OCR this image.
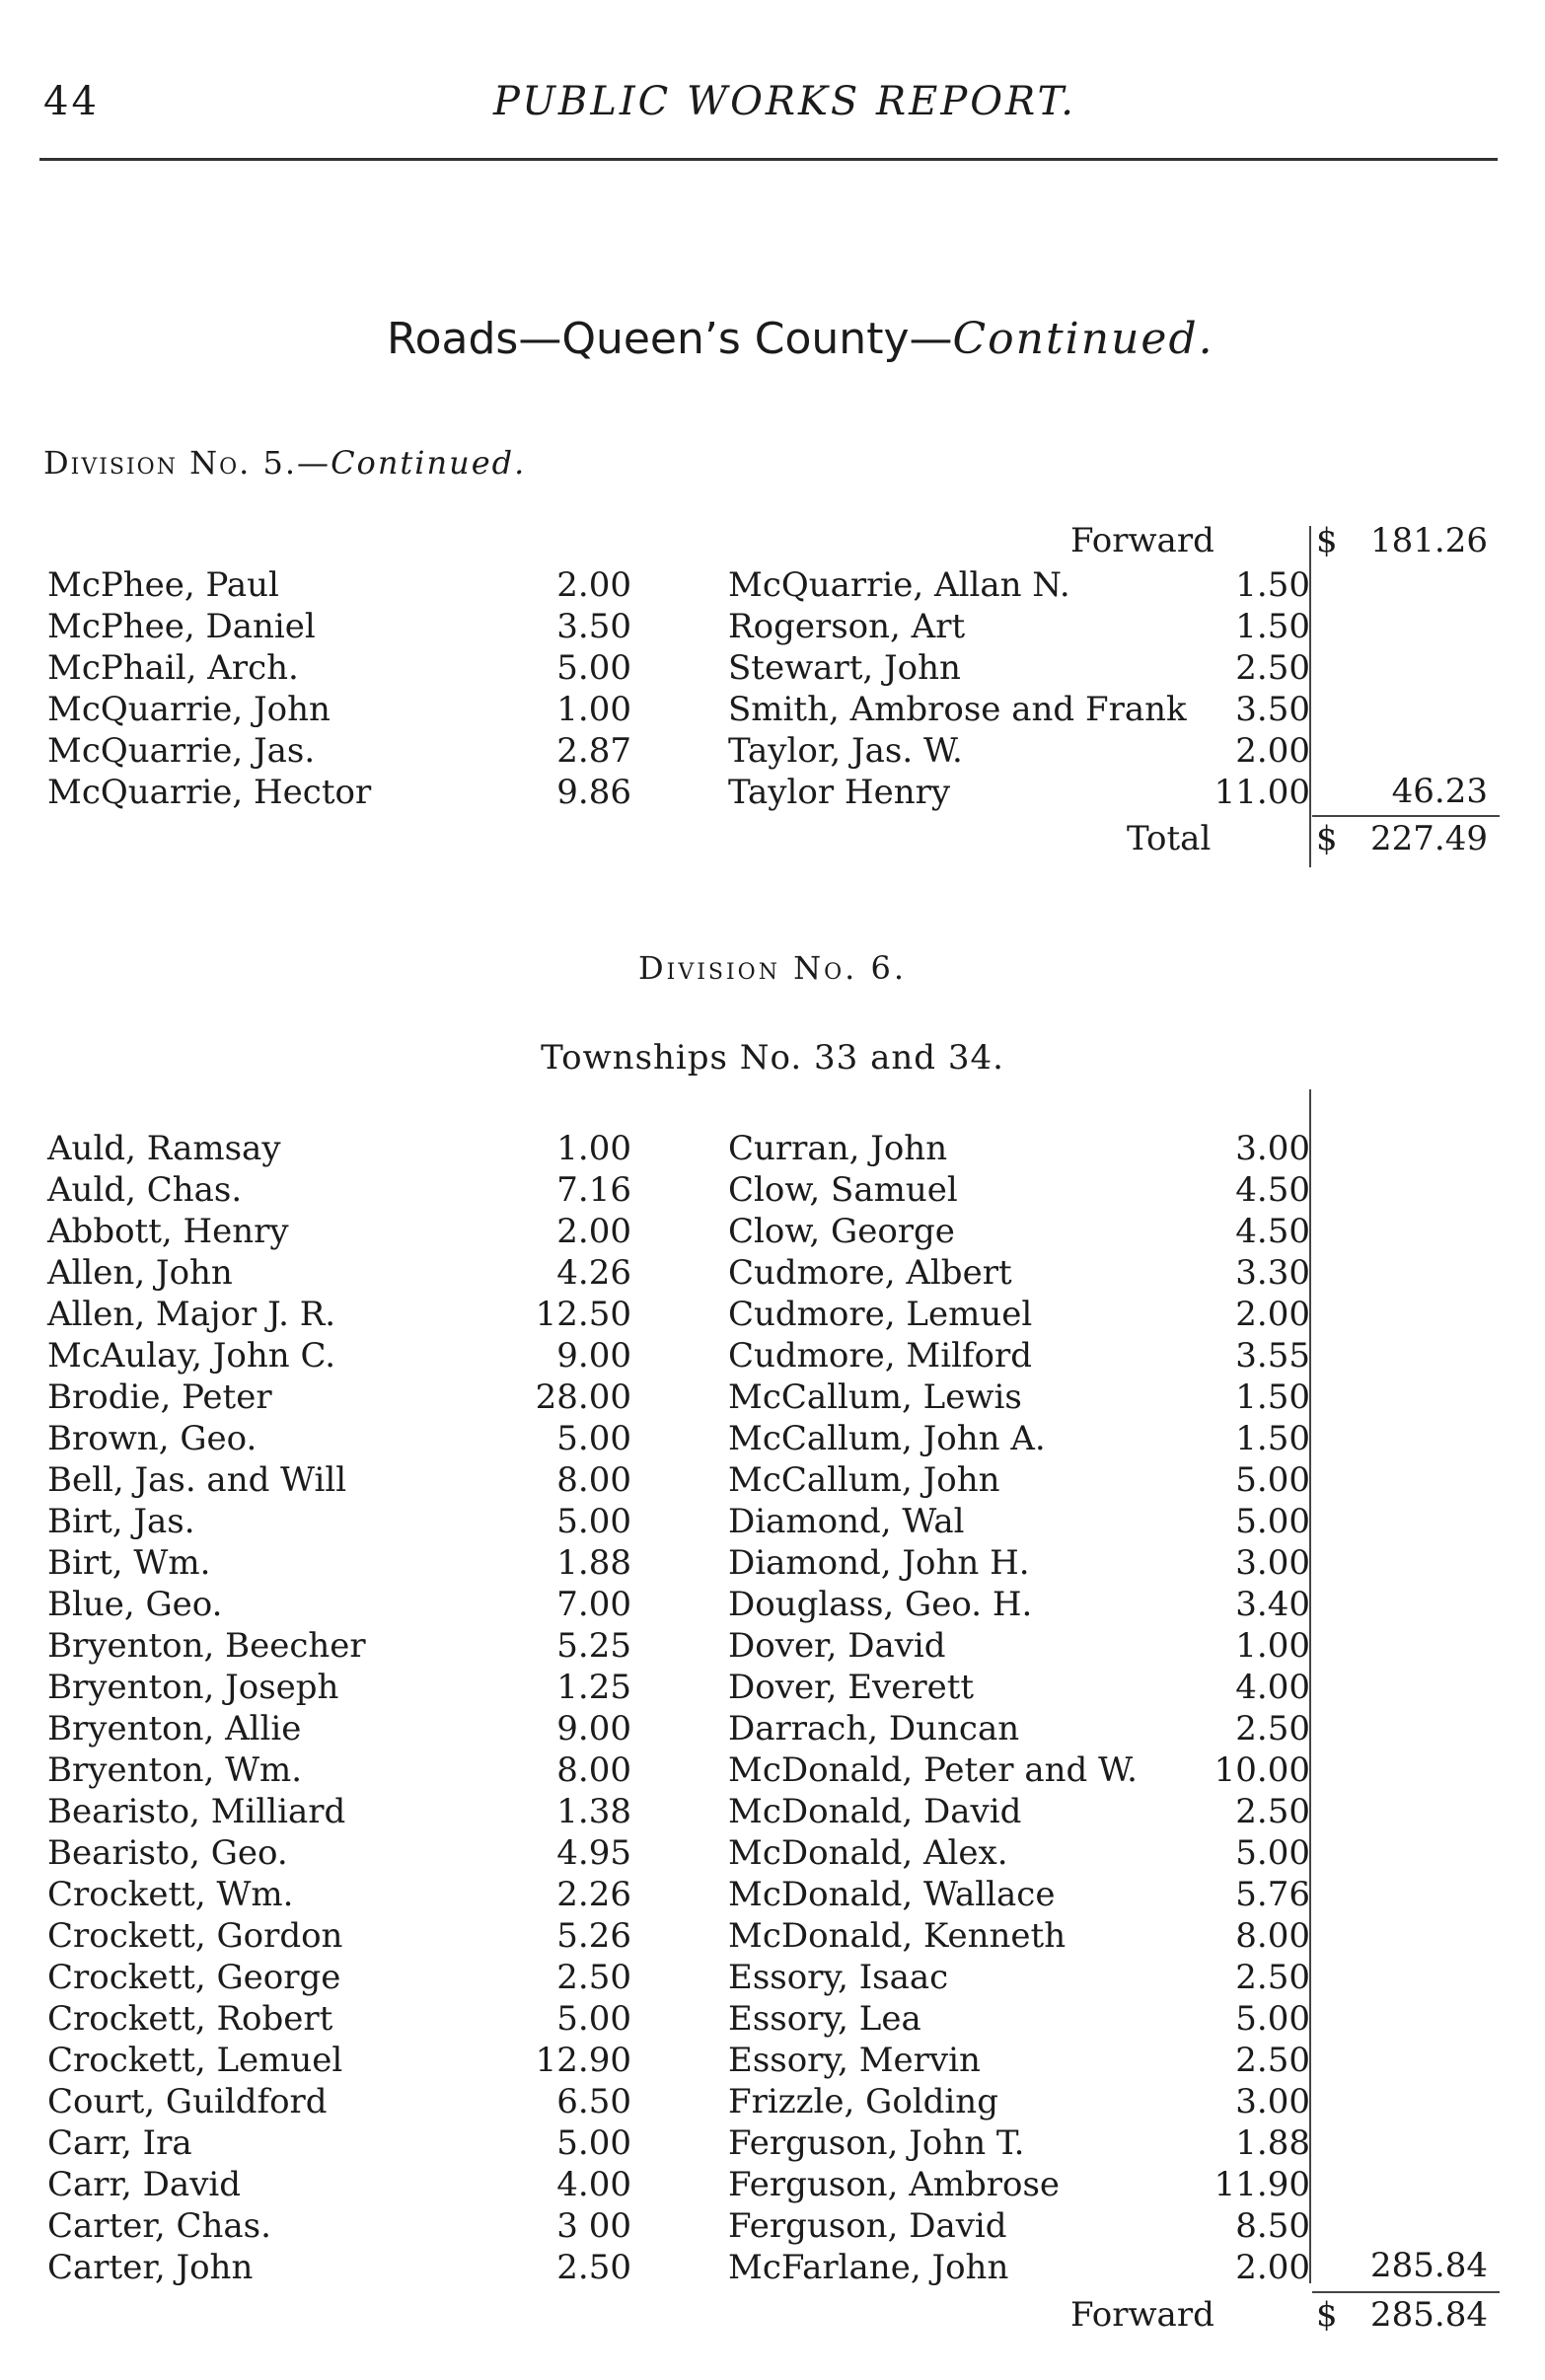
44	PUBLIC WORKS REPORT.
Roads—Queen’s County—Continued.
Division No. 5.—Continued.
Forward	$ 181.26
McPhee, Paul	2.00	McQuarrie, Allan N.	1.50
McPhee, Daniel	3.50	Rogerson, Art	1.50
McPhail, Arch.	5.00	Stewart, John	2.50
McQuarrie, John	1.00	Smith, Ambrose and Frank 3.50
McQuarrie, Jas.	2.87	Taylor, Jas. W.	2.00
McQuarrie, Hector	9.86	Taylor Henry	11.00 46.23
Total	$ 227.49
Division No. 6.
Townships No. 33 and 34.
Auld, Ramsay	1.00	Curran, John	3.00
Auld, Chas.	7.16	Clow, Samuel	4.50
Abbott, Henry	2.00	Clow, George	4.50
Allen, John	4.26	Cudmore, Albert	3.30
Allen, Major J. R.	12.50	Cudmore, Lemuel	2.00
McAulay, John C.	9.00	Cudmore, Milford	3.55
Brodie, Peter	28.00	McCallum, Lewis	1.50
Brown, Geo.	5.00	McCallum, John A.	1.50
Bell, Jas. and Will	8.00	McCallum, John	5.00
Birt, Jas.	5.00	Diamond, Wal	5.00
Birt, Wm.	1.88	Diamond, John H.	3.00
Blue, Geo.	7.00	Douglass, Geo. H.	3.40
Bryenton, Beecher	5.25	Dover, David	1.00
Bryenton, Joseph	1.25	Dover, Everett	4.00
Bryenton, Allie	9.00	Darrach, Duncan	2.50
Bryenton, Wm.	8.00	McDonald, Peter and W. 10.00
Bearisto, Milliard	1.38	McDonald, David	2.50
Bearisto, Geo.	4.95	McDonald, Alex.	5.00
Crockett, Wm.	2.26	McDonald, Wallace	5.76
Crockett, Gordon	5.26	McDonald, Kenneth	8.00
Crockett, George	2.50	Essory, Isaac	2.50
Crockett, Robert	5.00	Essory, Lea	5.00
Crockett, Lemuel	12.90	Essory, Mervin	2.50
Court, Guildford	6.50	Frizzle, Golding	3.00
Carr, Ira	5.00	Ferguson, John T.	1.88
Carr, David	4.00	Ferguson, Ambrose	11.90
Carter, Chas.	3 00	Ferguson, David	8.50
Carter, John	2.50	McFarlane, John	2.00 285.84
Forward	$ 285.84
